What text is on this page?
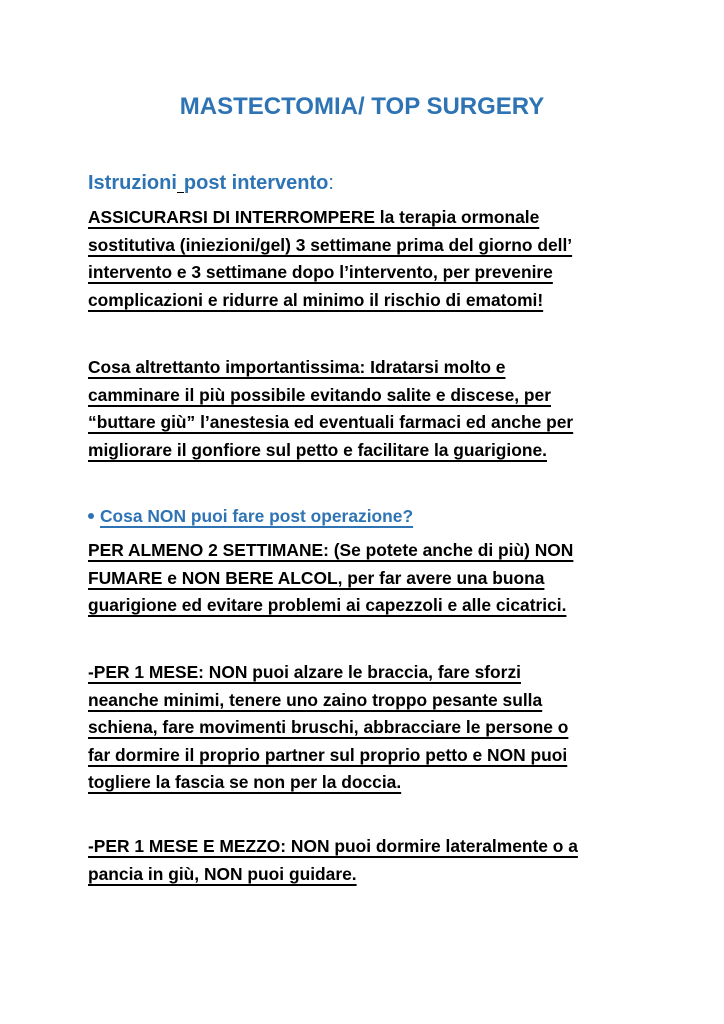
MASTECTOMIA/ TOP SURGERY
Istruzioni post intervento:
ASSICURARSI DI INTERROMPERE la terapia ormonale
sostitutiva (iniezioni/gel) 3 settimane prima del giorno dell’
intervento e 3 settimane dopo l’intervento, per prevenire
complicazioni e ridurre al minimo il rischio di ematomi!
Cosa altrettanto importantissima: Idratarsi molto e
camminare il più possibile evitando salite e discese, per
“buttare giù” l’anestesia ed eventuali farmaci ed anche per
migliorare il gonfiore sul petto e facilitare la guarigione.
Cosa NON puoi fare post operazione?
PER ALMENO 2 SETTIMANE: (Se potete anche di più) NON
FUMARE e NON BERE ALCOL, per far avere una buona
guarigione ed evitare problemi ai capezzoli e alle cicatrici.
-PER 1 MESE: NON puoi alzare le braccia, fare sforzi
neanche minimi, tenere uno zaino troppo pesante sulla
schiena, fare movimenti bruschi, abbracciare le persone o
far dormire il proprio partner sul proprio petto e NON puoi
togliere la fascia se non per la doccia.
-PER 1 MESE E MEZZO: NON puoi dormire lateralmente o a
pancia in giù, NON puoi guidare.
